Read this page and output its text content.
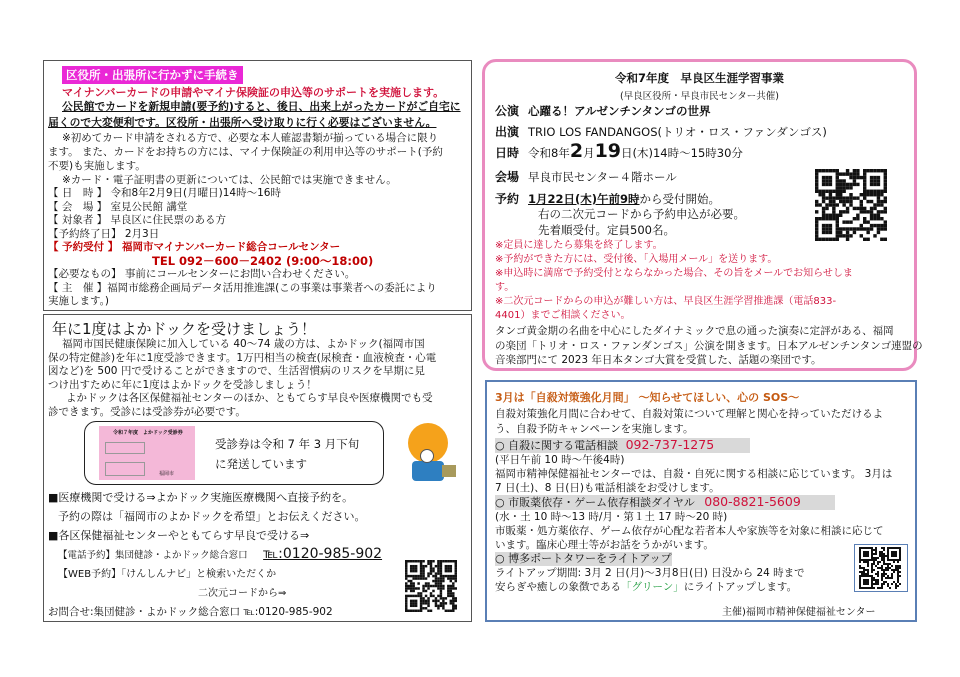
区役所・出張所に行かずに手続き
マイナンバーカードの申請やマイナ保険証の申込等のサポートを実施します。
公民館でカードを新規申請(要予約)すると、後日、出来上がったカードがご自宅に
届くので大変便利です。区役所・出張所へ受け取りに行く必要はございません。
※初めてカード申請をされる方で、必要な本人確認書類が揃っている場合に限り
ます。 また、カードをお持ちの方には、マイナ保険証の利用申込等のサポート(予約
不要)も実施します。
※カード・電子証明書の更新については、公民館では実施できません。
【 日　時 】 令和8年2月9日(月曜日)14時～16時
【 会　場 】 室見公民館 講堂
【 対象者 】 早良区に住民票のある方
【予約終了日】 2月3日
【 予約受付 】 福岡市マイナンバーカード総合コールセンター
TEL 092－600－2402 (9:00～18:00)
【必要なもの】 事前にコールセンターにお問い合わせください。
【 主　催 】福岡市総務企画局データ活用推進課(この事業は事業者への委託により
実施します。)
年に1度はよかドックを受けましょう！
福岡市国民健康保険に加入している 40～74 歳の方は、よかドック(福岡市国
保の特定健診)を年に1度受診できます。1万円相当の検査(尿検査・血液検査・心電
図など)を 500 円で受けることができますので、生活習慣病のリスクを早期に見
つけ出すために年に1度はよかドックを受診しましょう！
よかドックは各区保健福祉センターのほか、ともてらす早良や医療機関でも受
診できます。受診には受診券が必要です。
令和７年度　よかドック受診券
福岡市
受診券は令和 7 年 3 月下旬
に発送しています
■医療機関で受ける⇒よかドック実施医療機関へ直接予約を。
予約の際は「福岡市のよかドックを希望」とお伝えください。
■各区保健福祉センターやともてらす早良で受ける⇒
【電話予約】集団健診・よかドック総合窓口 ℡:0120-985-902
【WEB予約】「けんしんナビ」と検索いただくか
二次元コードから⇒
お問合せ:集団健診・よかドック総合窓口 ℡:0120-985-902
令和7年度　早良区生涯学習事業
(早良区役所・早良市民センター共催)
公演 心躍る！アルゼンチンタンゴの世界
出演 TRIO LOS FANDANGOS(トリオ・ロス・ファンダンゴス)
日時 令和8年2月19日(木)14時～15時30分
会場 早良市民センター４階ホール
予約 1月22日(木)午前9時から受付開始。
右の二次元コードから予約申込が必要。
先着順受付。定員500名。
※定員に達したら募集を終了します。
※予約ができた方には、受付後、「入場用メール」を送ります。
※申込時に満席で予約受付とならなかった場合、その旨をメールでお知らせしま
す。
※二次元コードからの申込が難しい方は、早良区生涯学習推進課（電話833-
4401）までご相談ください。
タンゴ黄金期の名曲を中心にしたダイナミックで息の通った演奏に定評がある、福岡
の楽団「トリオ・ロス・ファンダンゴス」公演を開きます。日本アルゼンチンタンゴ連盟の
音楽部門にて 2023 年日本タンゴ大賞を受賞した、話題の楽団です。
3月は「自殺対策強化月間」 ～知らせてほしい、心の SOS～
自殺対策強化月間に合わせて、自殺対策について理解と関心を持っていただけるよ
う、自殺予防キャンペーンを実施します。
○ 自殺に関する電話相談 092-737-1275
(平日午前 10 時～午後4時)
福岡市精神保健福祉センターでは、自殺・自死に関する相談に応じています。 3月は
7 日(土)、8 日(日)も電話相談をお受けします。
○ 市販薬依存・ゲーム依存相談ダイヤル 080-8821-5609
(水・土 10 時～13 時/月・第１土 17 時～20 時)
市販薬・処方薬依存、ゲーム依存が心配な若者本人や家族等を対象に相談に応じて
います。臨床心理士等がお話をうかがいます。
○ 博多ポートタワーをライトアップ
ライトアップ期間: 3月 2 日(月)～3月8日(日) 日没から 24 時まで
安らぎや癒しの象徴である「グリーン」にライトアップします。
主催)福岡市精神保健福祉センター
